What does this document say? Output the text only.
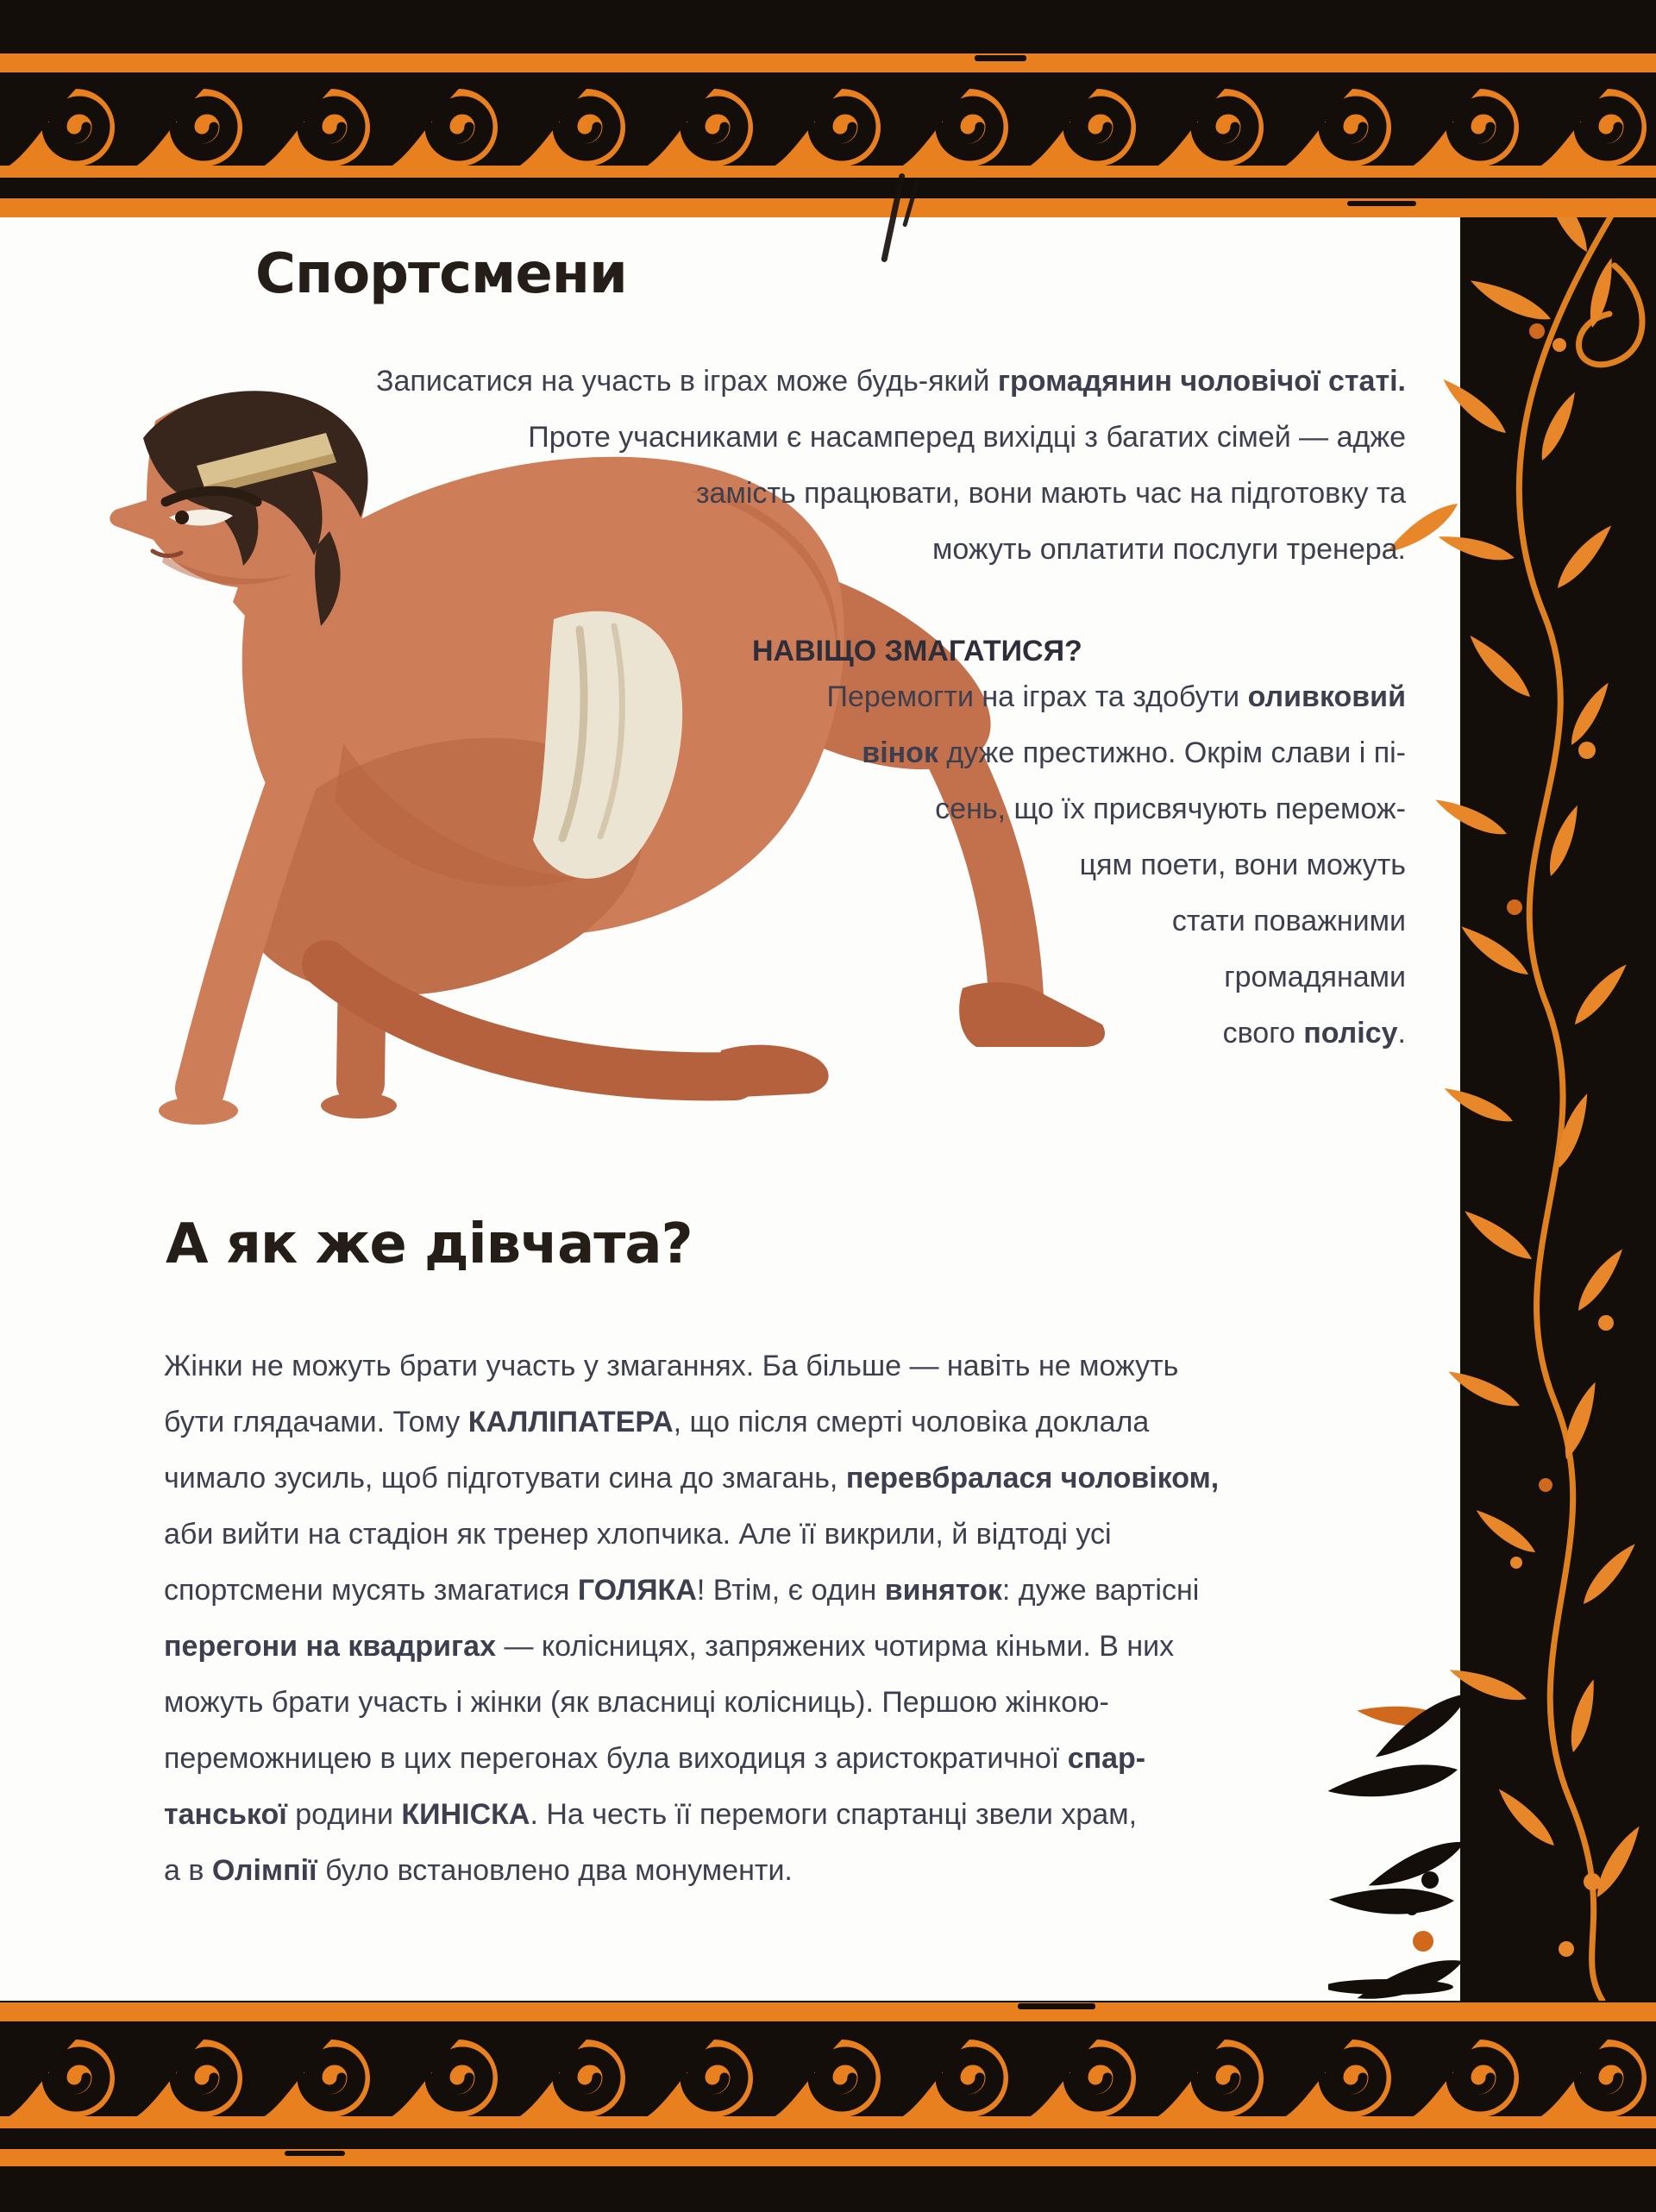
Спортсмени
Записатися на участь в іграх може будь-який громадянин чоловічої статі.
Проте учасниками є насамперед вихідці з багатих сімей — адже
замість працювати, вони мають час на підготовку та
можуть оплатити послуги тренера.
НАВІЩО ЗМАГАТИСЯ?
Перемогти на іграх та здобути оливковий
вінок дуже престижно. Окрім слави і пі-
сень, що їх присвячують перемож-
цям поети, вони можуть
стати поважними
громадянами
свого полісу.
А як же дівчата?
Жінки не можуть брати участь у змаганнях. Ба більше — навіть не можуть
бути глядачами. Тому КАЛЛІПАТЕРА, що після смерті чоловіка доклала
чимало зусиль, щоб підготувати сина до змагань, перевбралася чоловіком,
аби вийти на стадіон як тренер хлопчика. Але її викрили, й відтоді усі
спортсмени мусять змагатися ГОЛЯКА! Втім, є один виняток: дуже вартісні
перегони на квадригах — колісницях, запряжених чотирма кіньми. В них
можуть брати участь і жінки (як власниці колісниць). Першою жінкою-
переможницею в цих перегонах була виходиця з аристократичної спар-
танської родини КИНІСКА. На честь її перемоги спартанці звели храм,
а в Олімпії було встановлено два монументи.
